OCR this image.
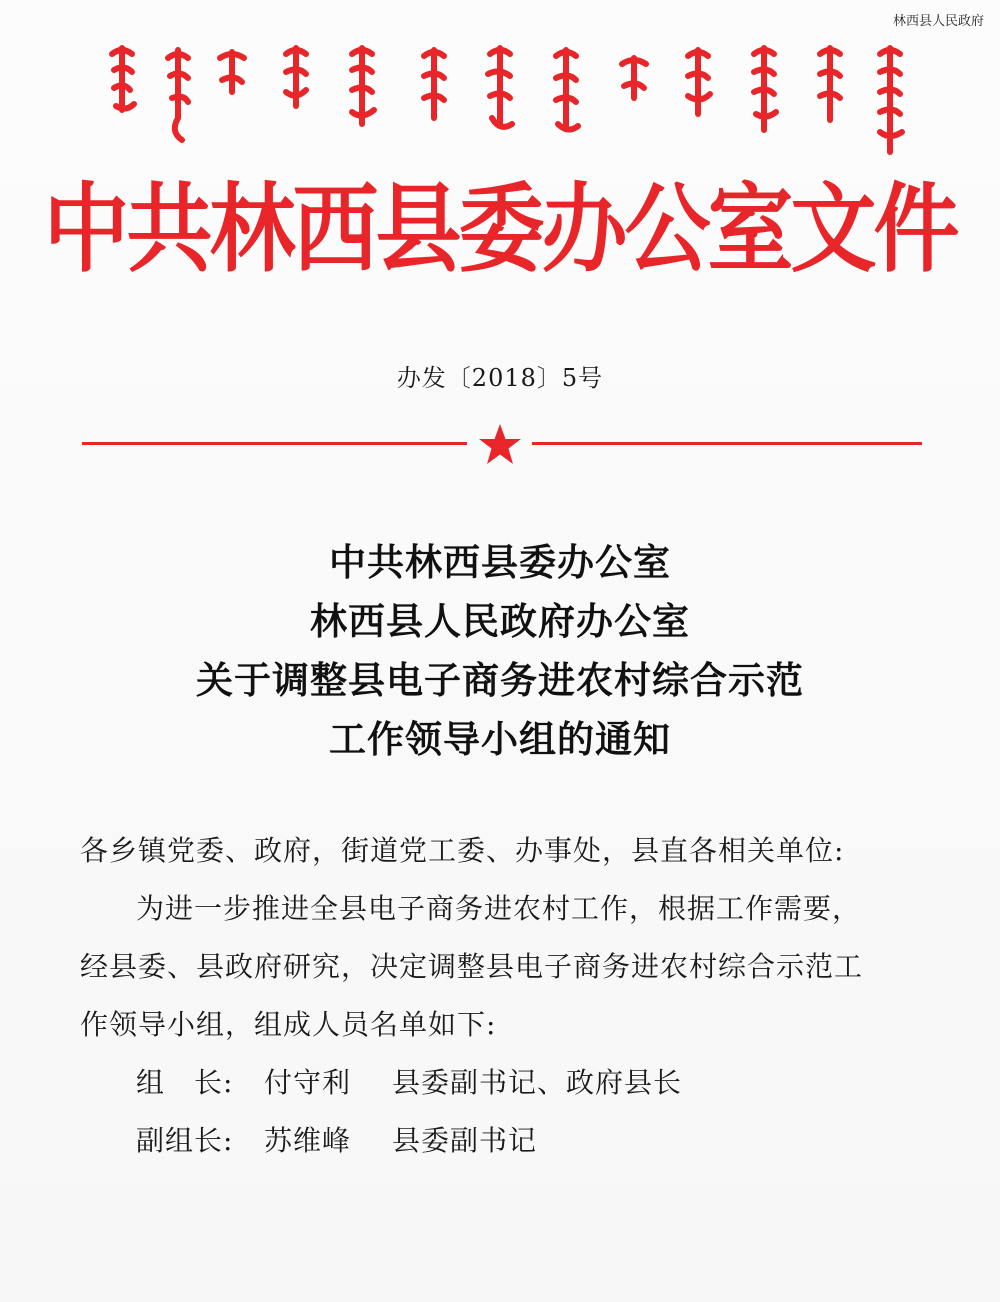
林西县人民政府
中共林西县委办公室文件
办发〔2018〕5号
中共林西县委办公室
林西县人民政府办公室
关于调整县电子商务进农村综合示范
工作领导小组的通知
各乡镇党委、政府，街道党工委、办事处，县直各相关单位:
为进一步推进全县电子商务进农村工作，根据工作需要，
经县委、县政府研究，决定调整县电子商务进农村综合示范工
作领导小组，组成人员名单如下:
组　长: 付守利 县委副书记、政府县长
副组长: 苏维峰 县委副书记
